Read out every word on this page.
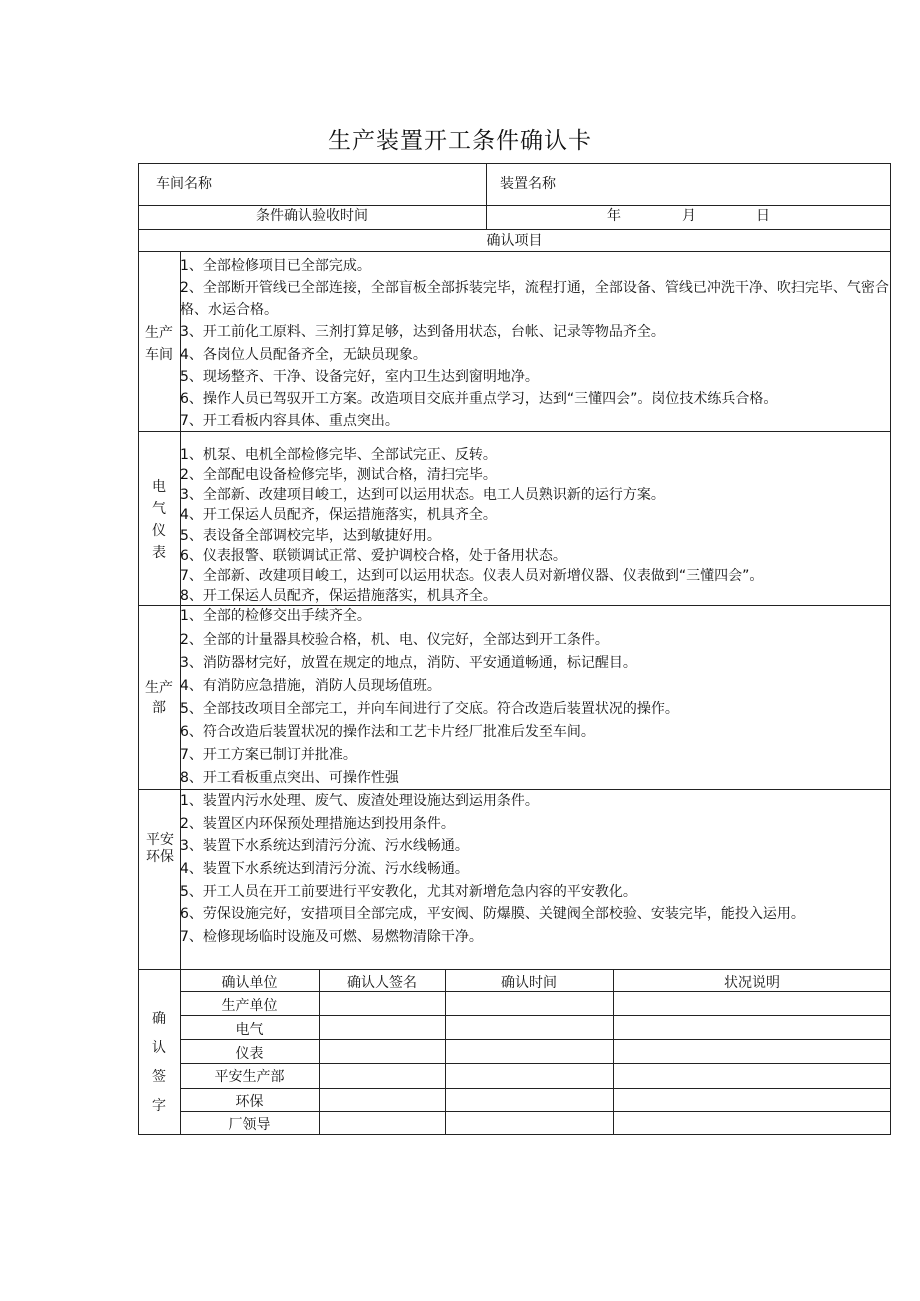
生产装置开工条件确认卡
车间名称	装置名称
条件确认验收时间	年	月	日
确认项目
生产车间
1、全部检修项目已全部完成。
2、全部断开管线已全部连接，全部盲板全部拆装完毕，流程打通，全部设备、管线已冲洗干净、吹扫完毕、气密合格、水运合格。
3、开工前化工原料、三剂打算足够，达到备用状态，台帐、记录等物品齐全。
4、各岗位人员配备齐全，无缺员现象。
5、现场整齐、干净、设备完好，室内卫生达到窗明地净。
6、操作人员已驾驭开工方案。改造项目交底并重点学习，达到“三懂四会”。岗位技术练兵合格。
7、开工看板内容具体、重点突出。
电气仪表
1、机泵、电机全部检修完毕、全部试完正、反转。
2、全部配电设备检修完毕，测试合格，清扫完毕。
3、全部新、改建项目峻工，达到可以运用状态。电工人员熟识新的运行方案。
4、开工保运人员配齐，保运措施落实，机具齐全。
5、表设备全部调校完毕，达到敏捷好用。
6、仪表报警、联锁调试正常、爱护调校合格，处于备用状态。
7、全部新、改建项目峻工，达到可以运用状态。仪表人员对新增仪器、仪表做到“三懂四会”。
8、开工保运人员配齐，保运措施落实，机具齐全。
生产部
1、全部的检修交出手续齐全。
2、全部的计量器具校验合格，机、电、仪完好，全部达到开工条件。
3、消防器材完好，放置在规定的地点，消防、平安通道畅通，标记醒目。
4、有消防应急措施，消防人员现场值班。
5、全部技改项目全部完工，并向车间进行了交底。符合改造后装置状况的操作。
6、符合改造后装置状况的操作法和工艺卡片经厂批准后发至车间。
7、开工方案已制订并批准。
8、开工看板重点突出、可操作性强
平安环保
1、装置内污水处理、废气、废渣处理设施达到运用条件。
2、装置区内环保预处理措施达到投用条件。
3、装置下水系统达到清污分流、污水线畅通。
4、装置下水系统达到清污分流、污水线畅通。
5、开工人员在开工前要进行平安教化，尤其对新增危急内容的平安教化。
6、劳保设施完好，安措项目全部完成，平安阀、防爆膜、关键阀全部校验、安装完毕，能投入运用。
7、检修现场临时设施及可燃、易燃物清除干净。
确认签字
确认单位	确认人签名	确认时间	状况说明
生产单位
电气
仪表
平安生产部
环保
厂领导
